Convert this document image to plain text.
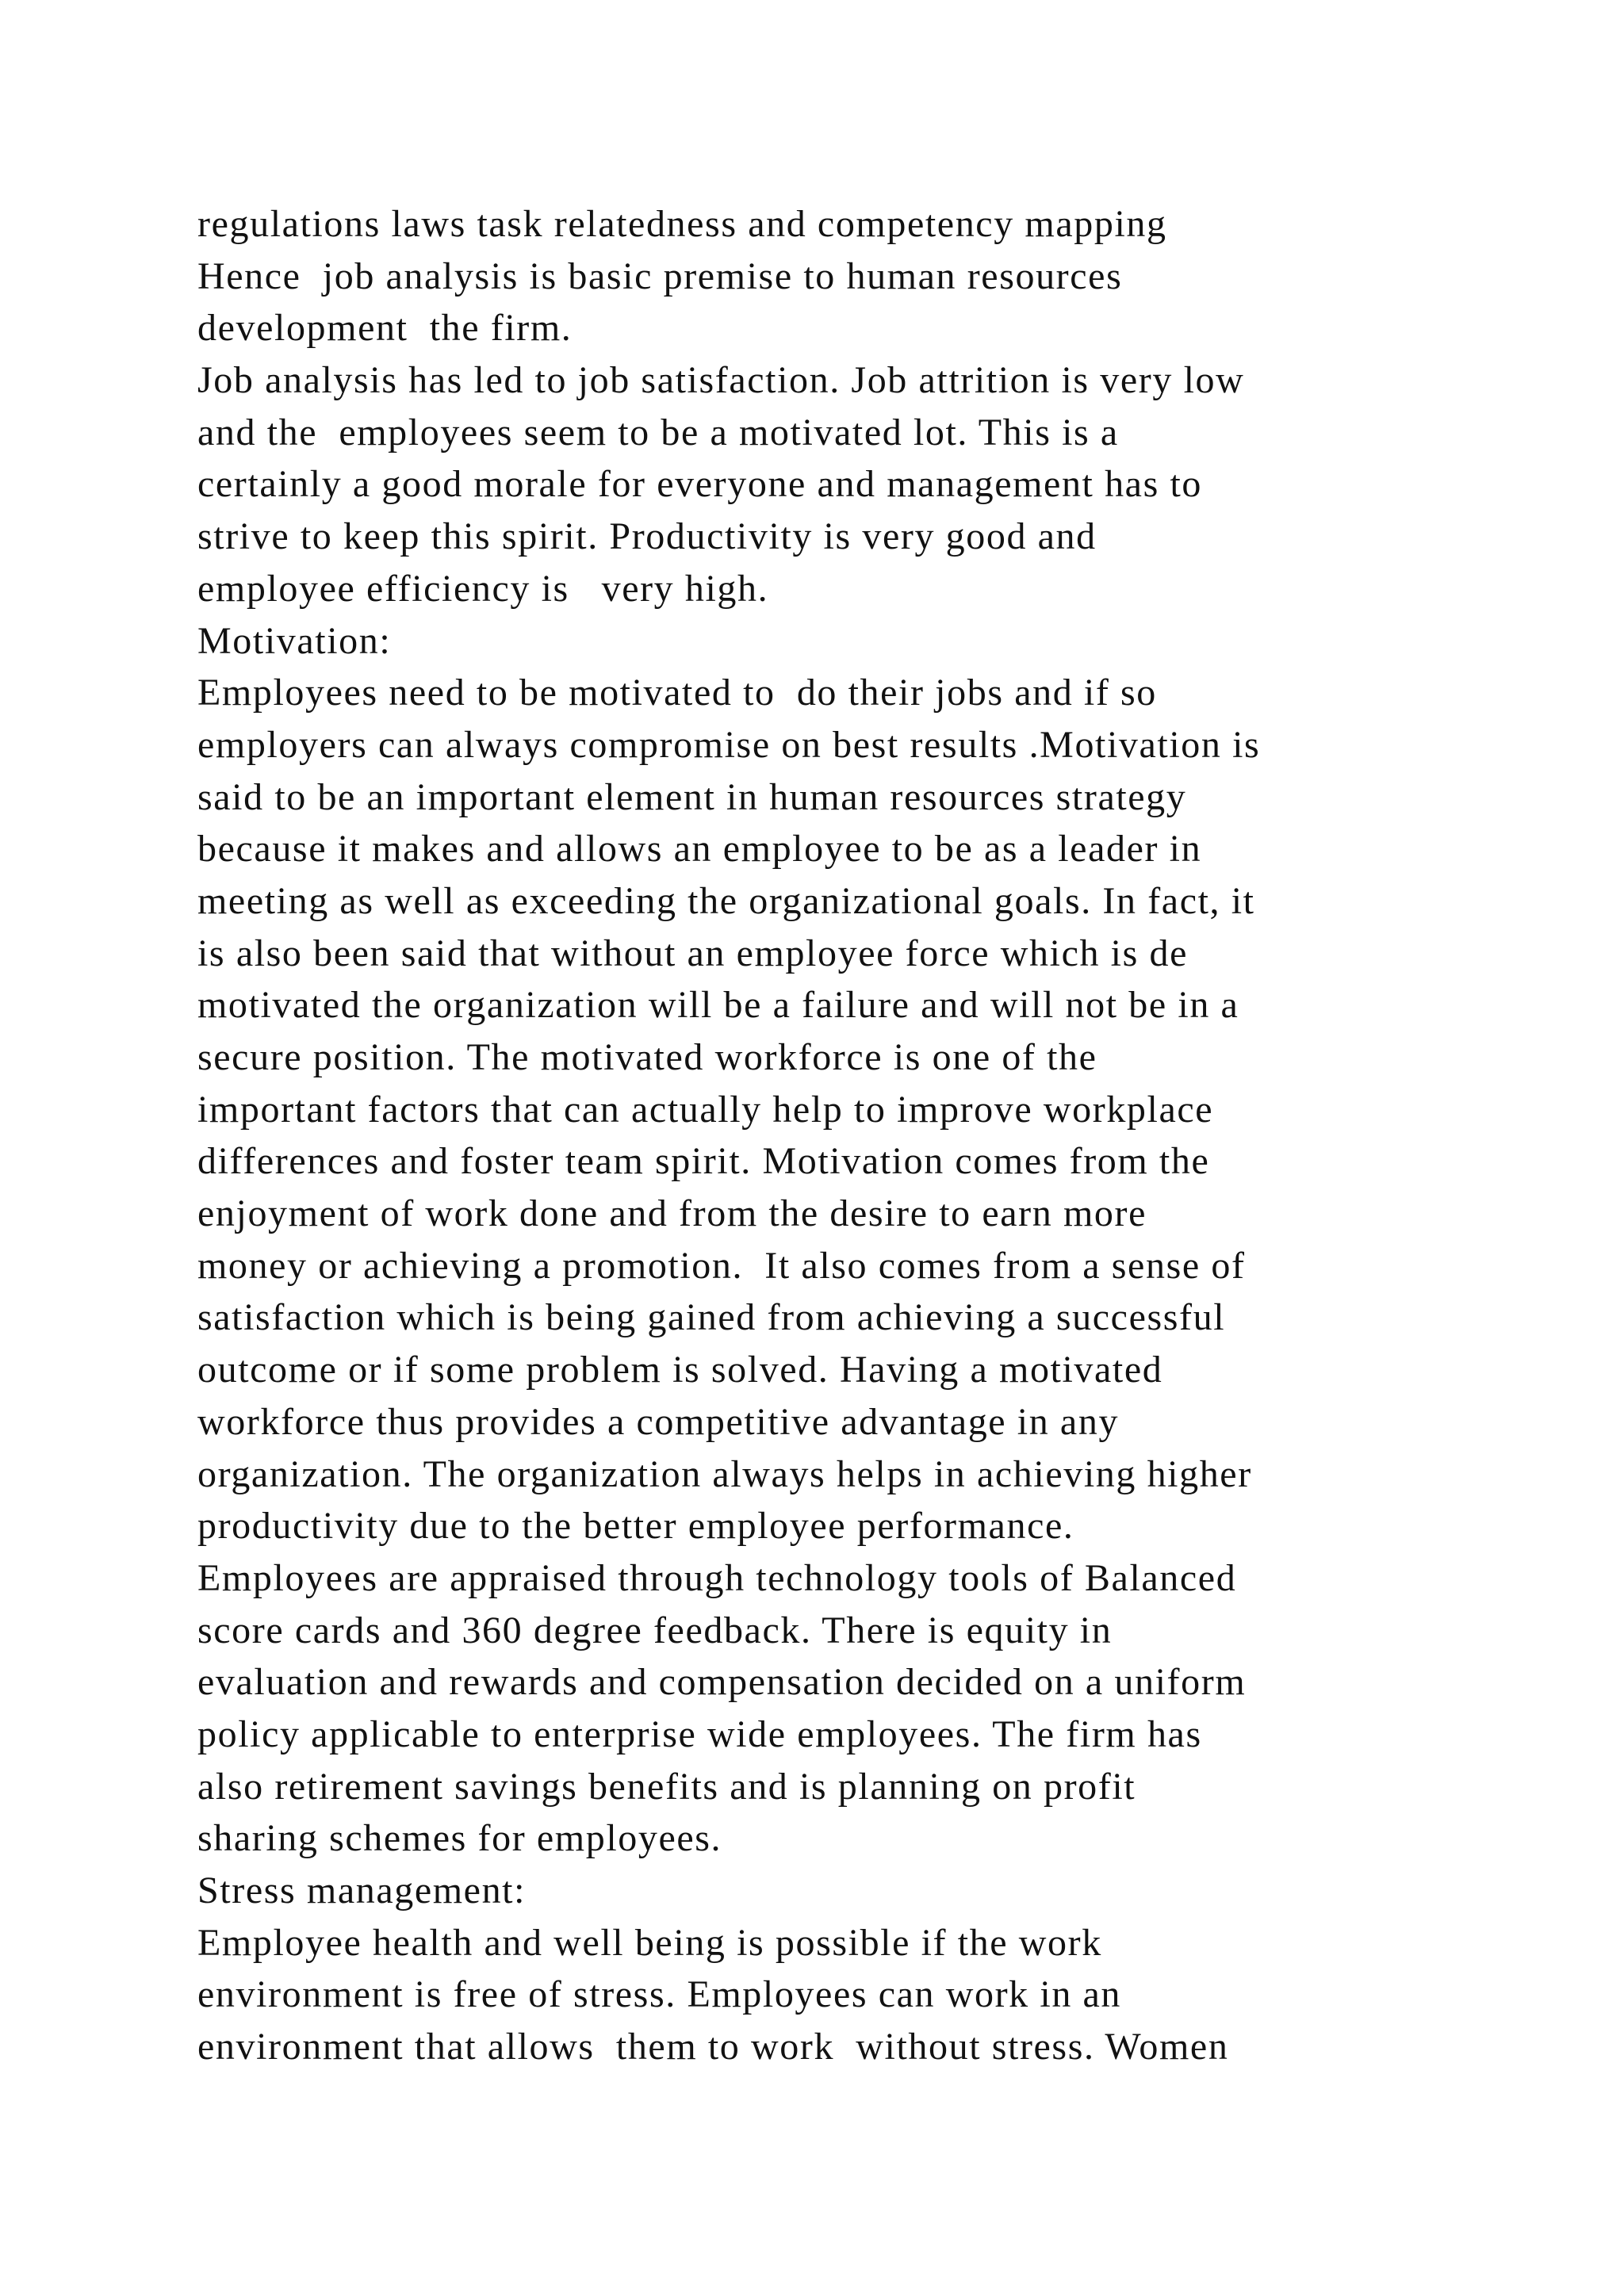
regulations laws task relatedness and competency mapping
Hence  job analysis is basic premise to human resources
development  the firm.
Job analysis has led to job satisfaction. Job attrition is very low
and the  employees seem to be a motivated lot. This is a
certainly a good morale for everyone and management has to
strive to keep this spirit. Productivity is very good and
employee efficiency is   very high.
Motivation:
Employees need to be motivated to  do their jobs and if so
employers can always compromise on best results .Motivation is
said to be an important element in human resources strategy
because it makes and allows an employee to be as a leader in
meeting as well as exceeding the organizational goals. In fact, it
is also been said that without an employee force which is de
motivated the organization will be a failure and will not be in a
secure position. The motivated workforce is one of the
important factors that can actually help to improve workplace
differences and foster team spirit. Motivation comes from the
enjoyment of work done and from the desire to earn more
money or achieving a promotion.  It also comes from a sense of
satisfaction which is being gained from achieving a successful
outcome or if some problem is solved. Having a motivated
workforce thus provides a competitive advantage in any
organization. The organization always helps in achieving higher
productivity due to the better employee performance.
Employees are appraised through technology tools of Balanced
score cards and 360 degree feedback. There is equity in
evaluation and rewards and compensation decided on a uniform
policy applicable to enterprise wide employees. The firm has
also retirement savings benefits and is planning on profit
sharing schemes for employees.
Stress management:
Employee health and well being is possible if the work
environment is free of stress. Employees can work in an
environment that allows  them to work  without stress. Women
